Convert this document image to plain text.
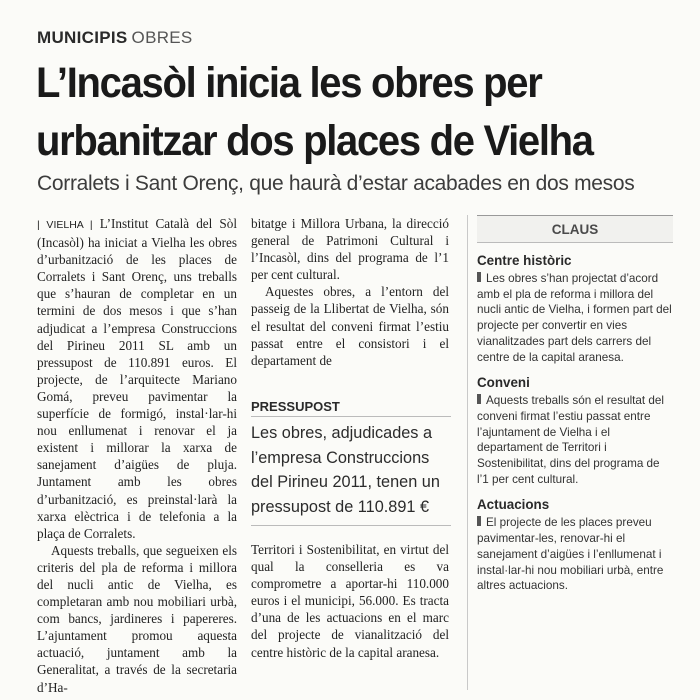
MUNICIPIS OBRES
L’Incasòl inicia les obres per
urbanitzar dos places de Vielha
Corralets i Sant Orenç, que haurà d’estar acabades en dos mesos

| VIELHA | L’Institut Català del Sòl (Incasòl) ha iniciat a Vielha les obres d’urbanització de les places de Corralets i Sant Orenç, uns treballs que s’hauran de completar en un termini de dos mesos i que s’han adjudicat a l’empresa Construccions del Pirineu 2011 SL amb un pressupost de 110.891 euros. El projecte, de l’arquitecte Mariano Gomá, preveu pavimentar la superfície de formigó, instal·lar-hi nou enllumenat i renovar el ja existent i millorar la xarxa de sanejament d’aigües de pluja. Juntament amb les obres d’urbanització, es preinstal·larà la xarxa elèctrica i de telefonia a la plaça de Corralets.

Aquests treballs, que segueixen els criteris del pla de reforma i millora del nucli antic de Vielha, es completaran amb nou mobiliari urbà, com bancs, jardineres i papereres. L’ajuntament promou aquesta actuació, juntament amb la Generalitat, a través de la secretaria d’Ha-

bitatge i Millora Urbana, la direcció general de Patrimoni Cultural i l’Incasòl, dins del programa de l’1 per cent cultural.

Aquestes obres, a l’entorn del passeig de la Llibertat de Vielha, són el resultat del conveni firmat l’estiu passat entre el consistori i el departament de

PRESSUPOST
Les obres, adjudicades a l’empresa Construccions del Pirineu 2011, tenen un pressupost de 110.891 €

Territori i Sostenibilitat, en virtut del qual la conselleria es va comprometre a aportar-hi 110.000 euros i el municipi, 56.000. Es tracta d’una de les actuacions en el marc del projecte de vianalització del centre històric de la capital aranesa.

CLAUS
Centre històric

Les obres s’han projectat d’acord amb el pla de reforma i millora del nucli antic de Vielha, i formen part del projecte per convertir en vies vianalitzades part dels carrers del centre de la capital aranesa.

Conveni

Aquests treballs són el resultat del conveni firmat l’estiu passat entre l’ajuntament de Vielha i el departament de Territori i Sostenibilitat, dins del programa de l’1 per cent cultural.

Actuacions

El projecte de les places preveu pavimentar-les, renovar-hi el sanejament d’aigües i l’enllumenat i instal·lar-hi nou mobiliari urbà, entre altres actuacions.
